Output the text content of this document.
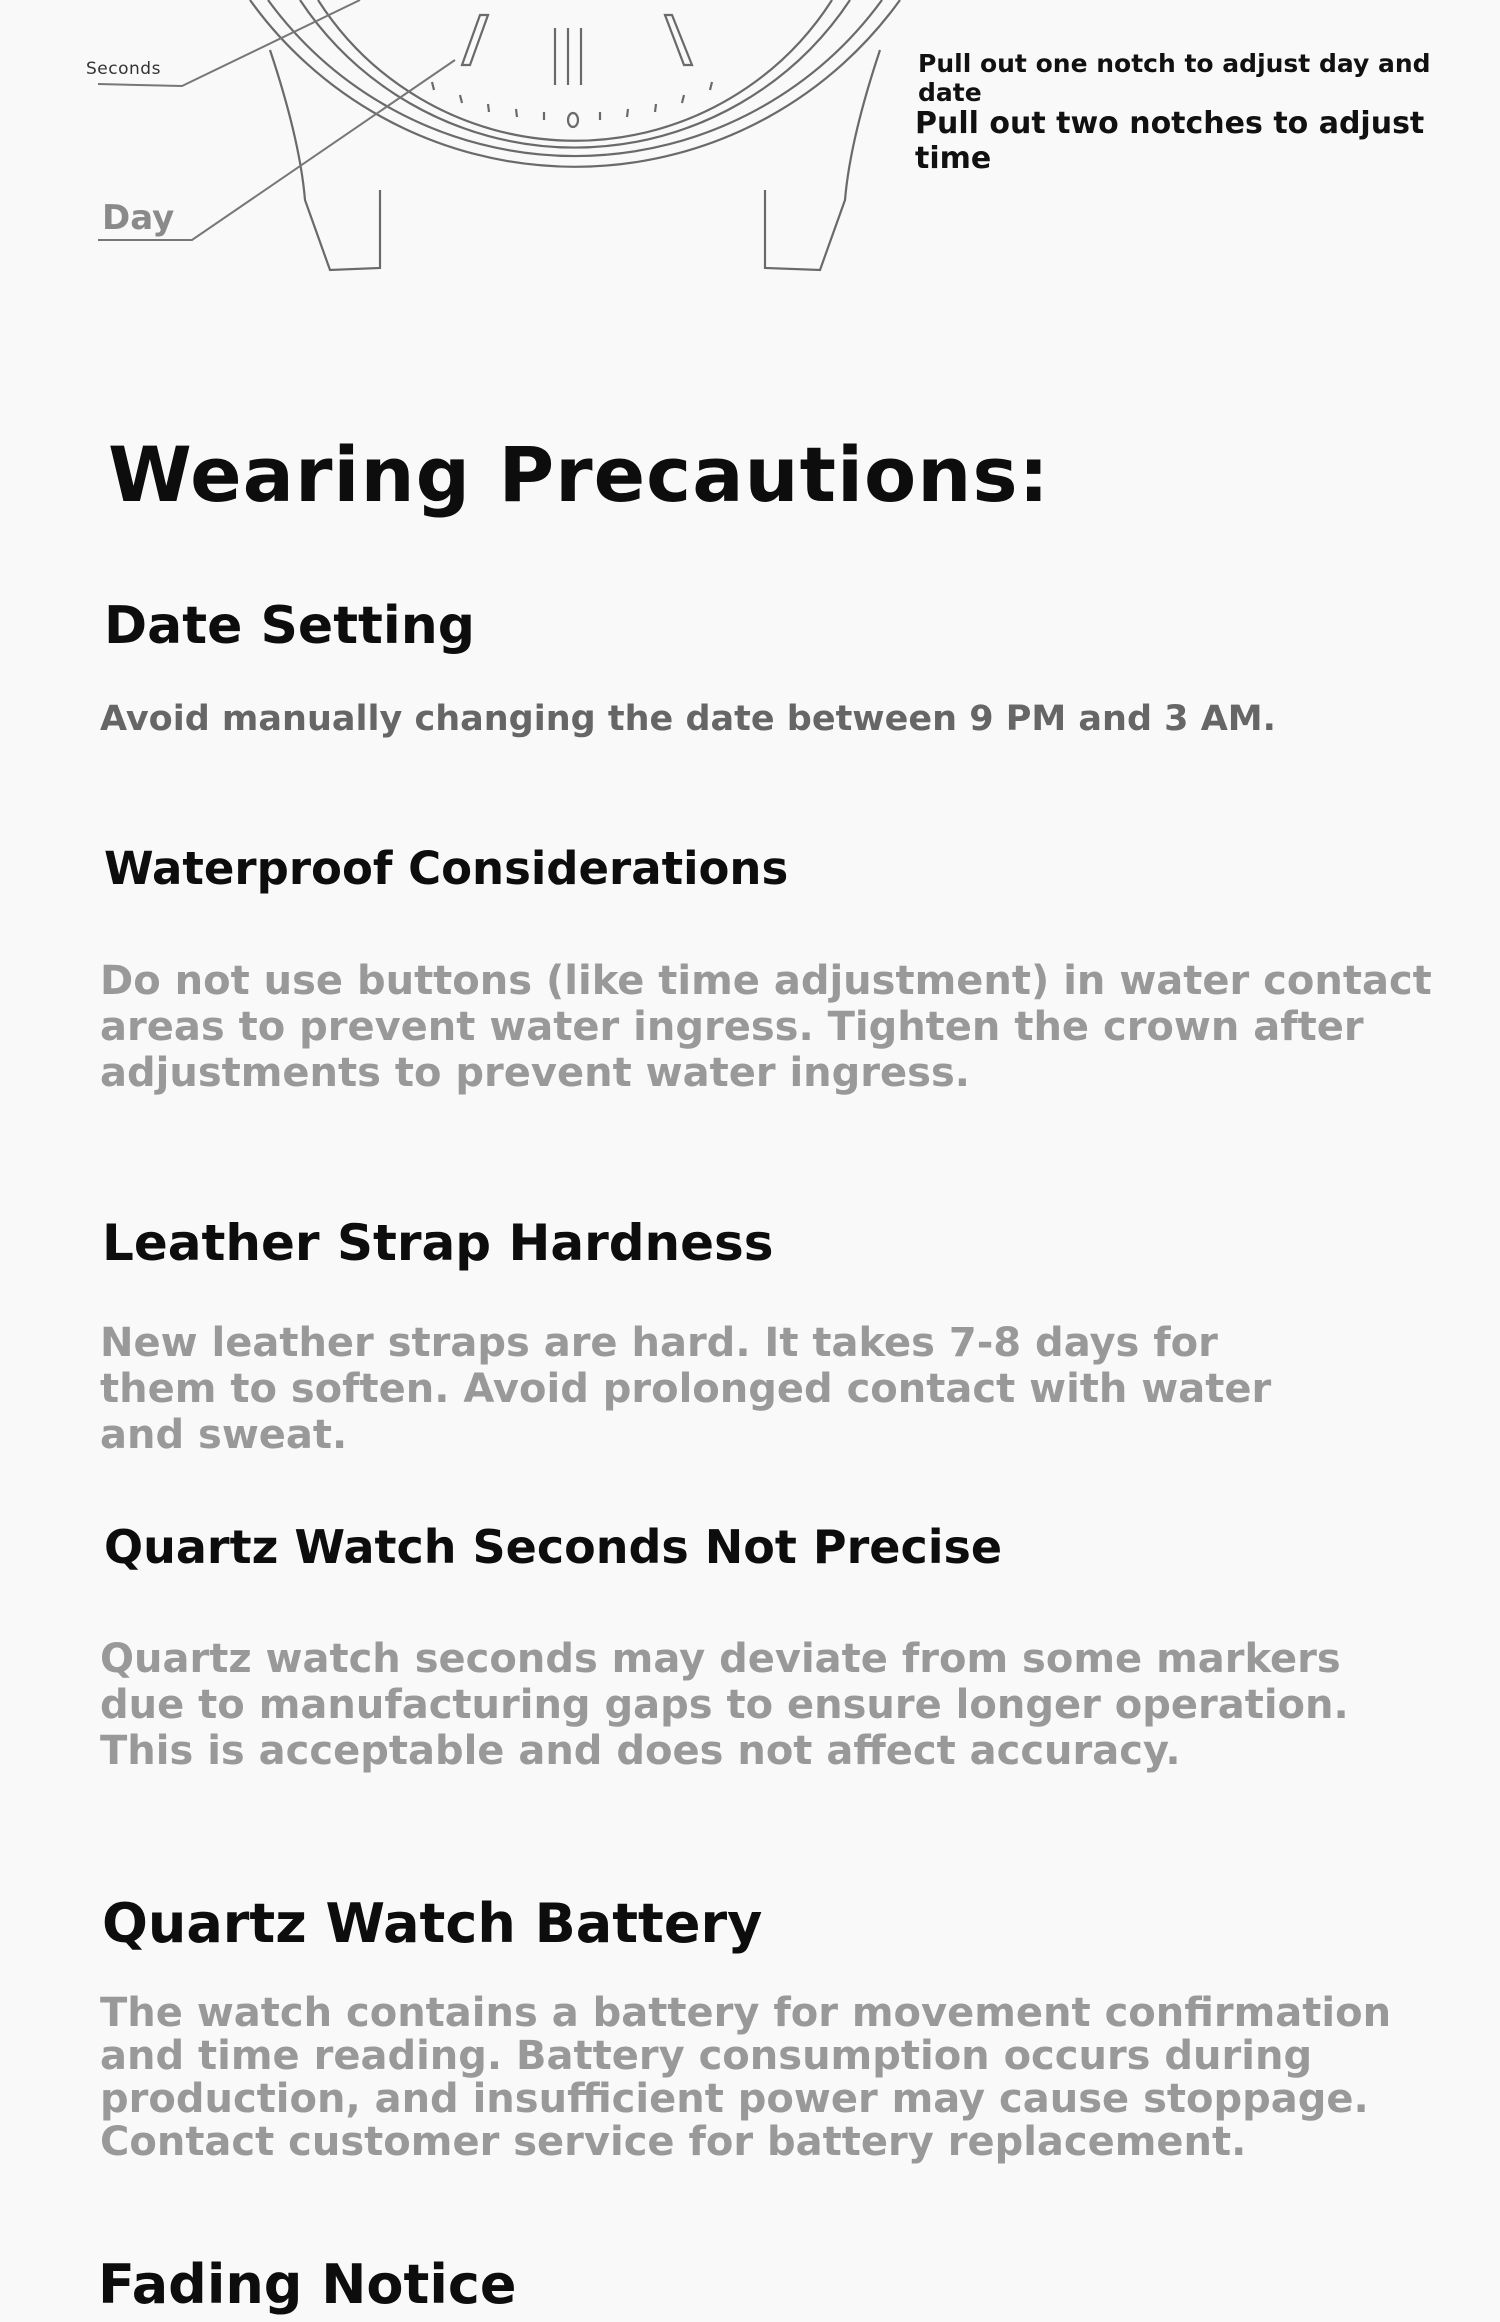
Seconds
Day
Pull out one notch to adjust day and date
Pull out two notches to adjust time
Wearing Precautions:
Date Setting

Avoid manually changing the date between 9 PM and 3 AM.

Waterproof Considerations

Do not use buttons (like time adjustment) in water contact areas to prevent water ingress. Tighten the crown after adjustments to prevent water ingress.

Leather Strap Hardness

New leather straps are hard. It takes 7-8 days for them to soften. Avoid prolonged contact with water and sweat.

Quartz Watch Seconds Not Precise

Quartz watch seconds may deviate from some markers due to manufacturing gaps to ensure longer operation. This is acceptable and does not affect accuracy.

Quartz Watch Battery

The watch contains a battery for movement confirmation and time reading. Battery consumption occurs during production, and insufficient power may cause stoppage. Contact customer service for battery replacement.

Fading Notice
